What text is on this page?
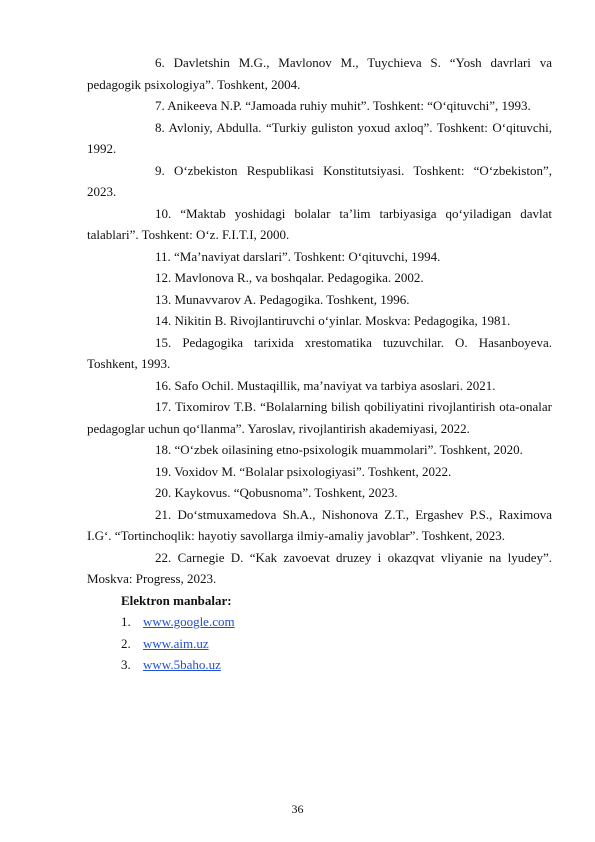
6. Davletshin M.G., Mavlonov M., Tuychieva S. “Yosh davrlari va pedagogik psixologiya”. Toshkent, 2004.

7. Anikeeva N.P. “Jamoada ruhiy muhit”. Toshkent: “O‘qituvchi”, 1993.

8. Avloniy, Abdulla. “Turkiy guliston yoxud axloq”. Toshkent: O‘qituvchi, 1992.

9. O‘zbekiston Respublikasi Konstitutsiyasi. Toshkent: “O‘zbekiston”, 2023.

10. “Maktab yoshidagi bolalar ta’lim tarbiyasiga qo‘yiladigan davlat talablari”. Toshkent: O‘z. F.I.T.I, 2000.

11. “Ma’naviyat darslari”. Toshkent: O‘qituvchi, 1994.

12. Mavlonova R., va boshqalar. Pedagogika. 2002.

13. Munavvarov A. Pedagogika. Toshkent, 1996.

14. Nikitin B. Rivojlantiruvchi o‘yinlar. Moskva: Pedagogika, 1981.

15. Pedagogika tarixida xrestomatika tuzuvchilar. O. Hasanboyeva. Toshkent, 1993.

16. Safo Ochil. Mustaqillik, ma’naviyat va tarbiya asoslari. 2021.

17. Tixomirov T.B. “Bolalarning bilish qobiliyatini rivojlantirish ota-onalar pedagoglar uchun qo‘llanma”. Yaroslav, rivojlantirish akademiyasi, 2022.

18. “O‘zbek oilasining etno-psixologik muammolari”. Toshkent, 2020.

19. Voxidov M. “Bolalar psixologiyasi”. Toshkent, 2022.

20. Kaykovus. “Qobusnoma”. Toshkent, 2023.

21. Do‘stmuxamedova Sh.A., Nishonova Z.T., Ergashev P.S., Raximova I.G‘. “Tortinchoqlik: hayotiy savollarga ilmiy-amaliy javoblar”. Toshkent, 2023.

22. Carnegie D. “Kak zavoevat druzey i okazqvat vliyanie na lyudey”. Moskva: Progress, 2023.

Elektron manbalar:

1. www.google.com

2. www.aim.uz

3. www.5baho.uz

36
